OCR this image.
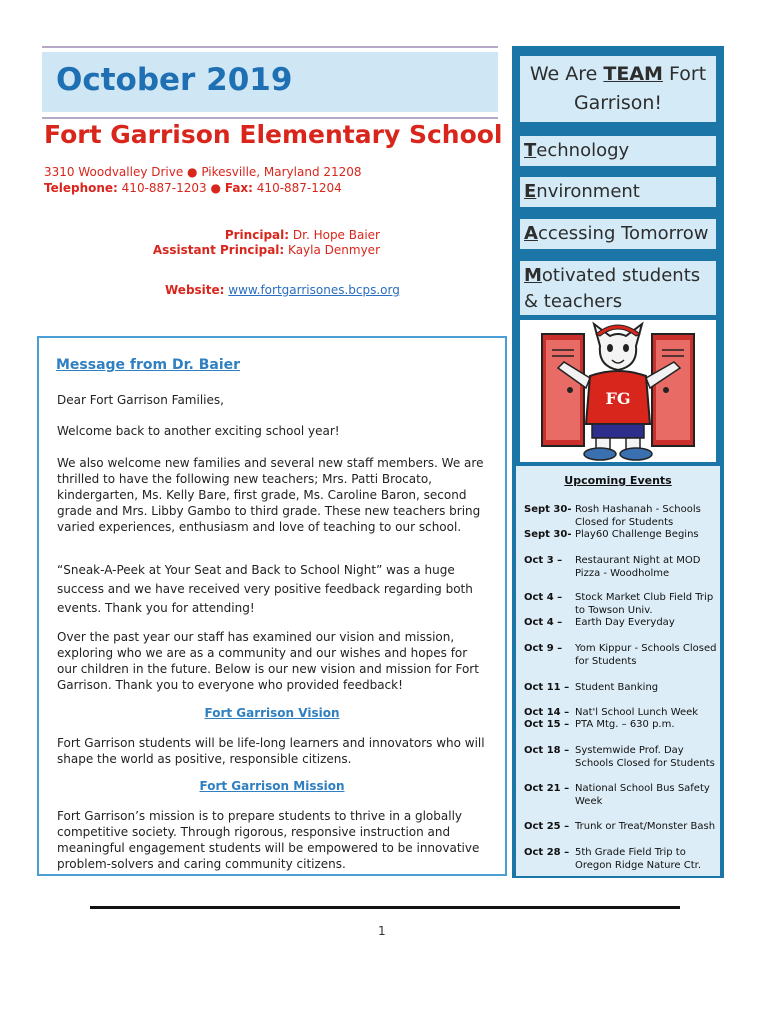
October 2019
Fort Garrison Elementary School
3310 Woodvalley Drive ● Pikesville, Maryland 21208
Telephone: 410-887-1203 ● Fax: 410-887-1204
Principal: Dr. Hope Baier
Assistant Principal: Kayla Denmyer
Website: www.fortgarrisones.bcps.org
We Are TEAM Fort Garrison!
Technology
Environment
Accessing Tomorrow
Motivated students & teachers
FG
Upcoming Events
Sept 30- Rosh Hashanah - Schools Closed for Students
Sept 30- Play60 Challenge Begins
Oct 3 – Restaurant Night at MOD Pizza - Woodholme
Oct 4 – Stock Market Club Field Trip to Towson Univ.
Oct 4 – Earth Day Everyday
Oct 9 – Yom Kippur - Schools Closed for Students
Oct 11 – Student Banking
Oct 14 – Nat'l School Lunch Week
Oct 15 – PTA Mtg. – 630 p.m.
Oct 18 – Systemwide Prof. Day Schools Closed for Students
Oct 21 – National School Bus Safety Week
Oct 25 – Trunk or Treat/Monster Bash
Oct 28 – 5th Grade Field Trip to Oregon Ridge Nature Ctr.
Message from Dr. Baier
Dear Fort Garrison Families,
Welcome back to another exciting school year!
We also welcome new families and several new staff members. We are thrilled to have the following new teachers; Mrs. Patti Brocato, kindergarten, Ms. Kelly Bare, first grade, Ms. Caroline Baron, second grade and Mrs. Libby Gambo to third grade. These new teachers bring varied experiences, enthusiasm and love of teaching to our school.
“Sneak-A-Peek at Your Seat and Back to School Night” was a huge success and we have received very positive feedback regarding both events. Thank you for attending!
Over the past year our staff has examined our vision and mission, exploring who we are as a community and our wishes and hopes for our children in the future. Below is our new vision and mission for Fort Garrison. Thank you to everyone who provided feedback!
Fort Garrison Vision
Fort Garrison students will be life-long learners and innovators who will shape the world as positive, responsible citizens.
Fort Garrison Mission
Fort Garrison’s mission is to prepare students to thrive in a globally competitive society. Through rigorous, responsive instruction and meaningful engagement students will be empowered to be innovative problem-solvers and caring community citizens.
1
